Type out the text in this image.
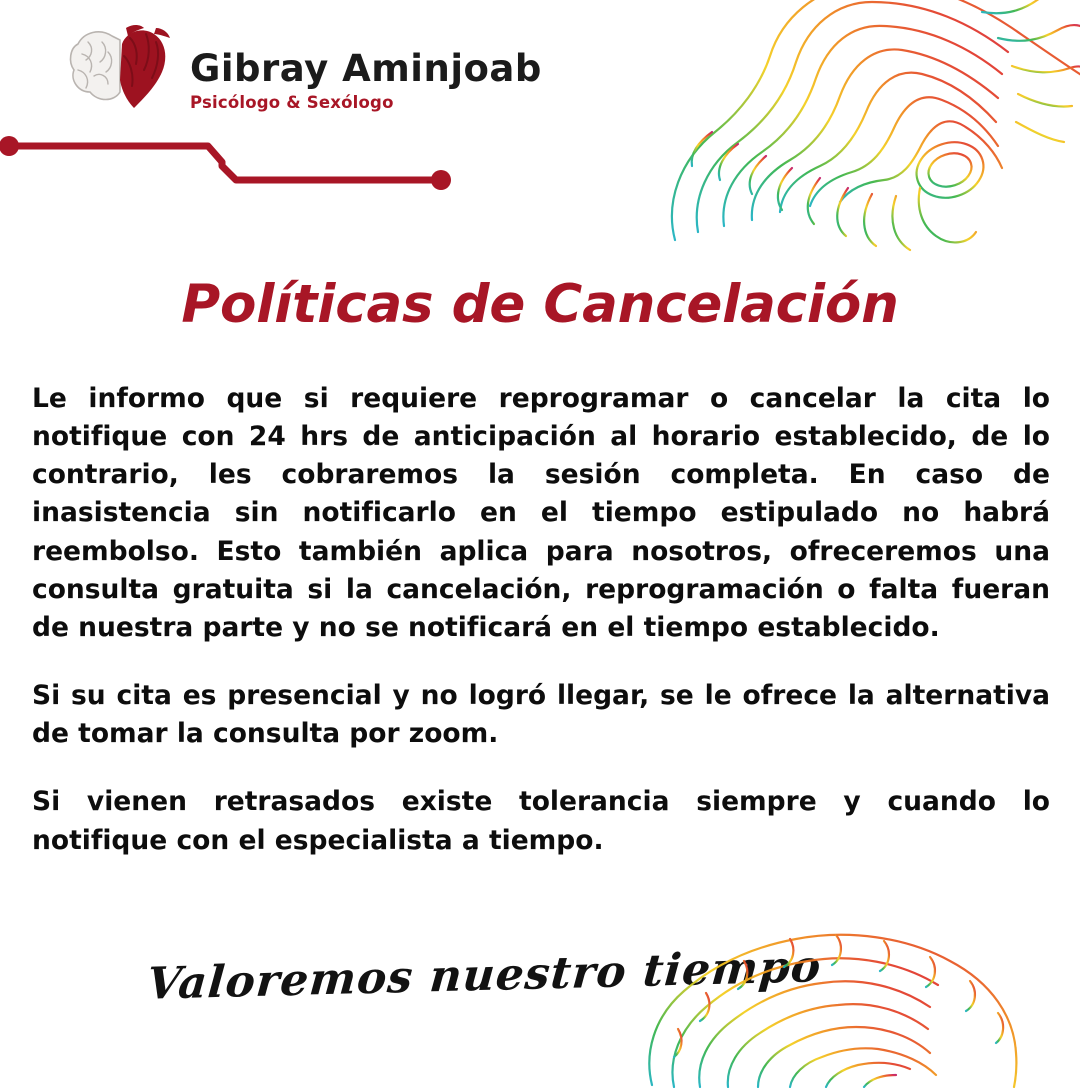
Gibray Aminjoab
Psicólogo & Sexólogo
Políticas de Cancelación

Le informo que si requiere reprogramar o cancelar la cita lo notifique con 24 hrs de anticipación al horario establecido, de lo contrario, les cobraremos la sesión completa. En caso de inasistencia sin notificarlo en el tiempo estipulado no habrá reembolso. Esto también aplica para nosotros, ofreceremos una consulta gratuita si la cancelación, reprogramación o falta fueran de nuestra parte y no se notificará en el tiempo establecido.

Si su cita es presencial y no logró llegar, se le ofrece la alternativa de tomar la consulta por zoom.

Si vienen retrasados existe tolerancia siempre y cuando lo notifique con el especialista a tiempo.

Valoremos nuestro tiempo
